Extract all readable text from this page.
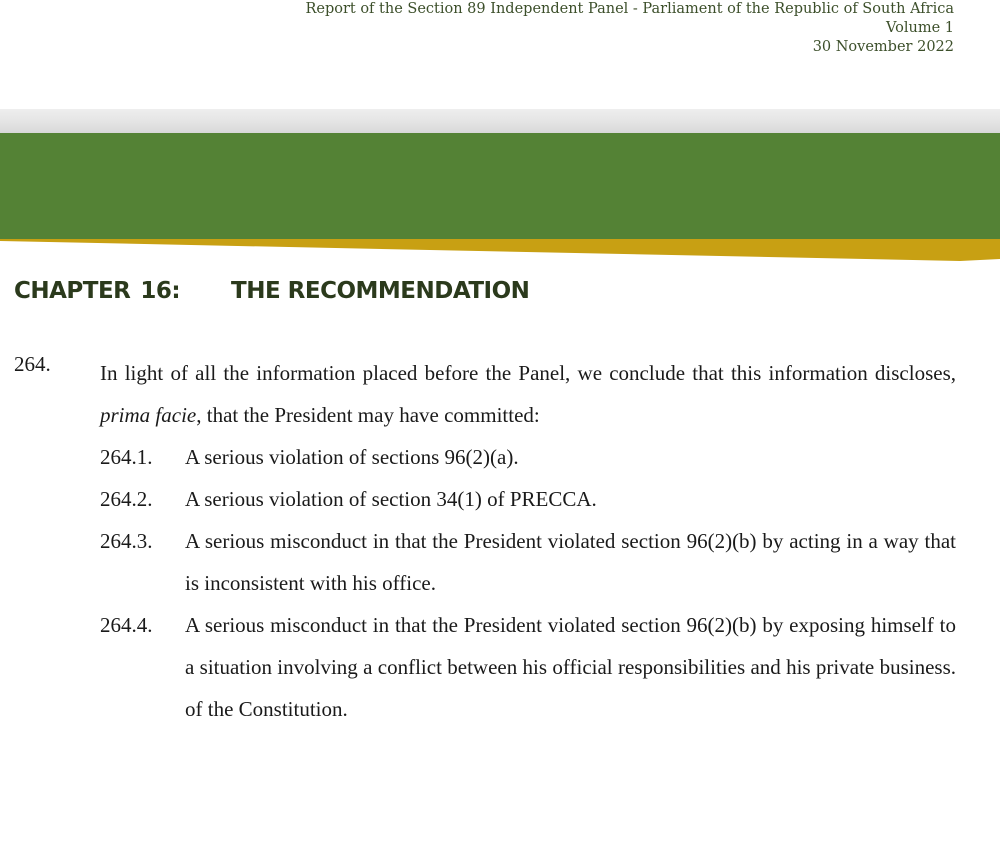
Report of the Section 89 Independent Panel - Parliament of the Republic of South Africa
Volume 1
30 November 2022
CHAPTER 16: THE RECOMMENDATION
264. In light of all the information placed before the Panel, we conclude that this information discloses, prima facie, that the President may have committed:
264.1. A serious violation of sections 96(2)(a).
264.2. A serious violation of section 34(1) of PRECCA.
264.3. A serious misconduct in that the President violated section 96(2)(b) by acting in a way that is inconsistent with his office.
264.4. A serious misconduct in that the President violated section 96(2)(b) by exposing himself to a situation involving a conflict between his official responsibilities and his private business. of the Constitution.
